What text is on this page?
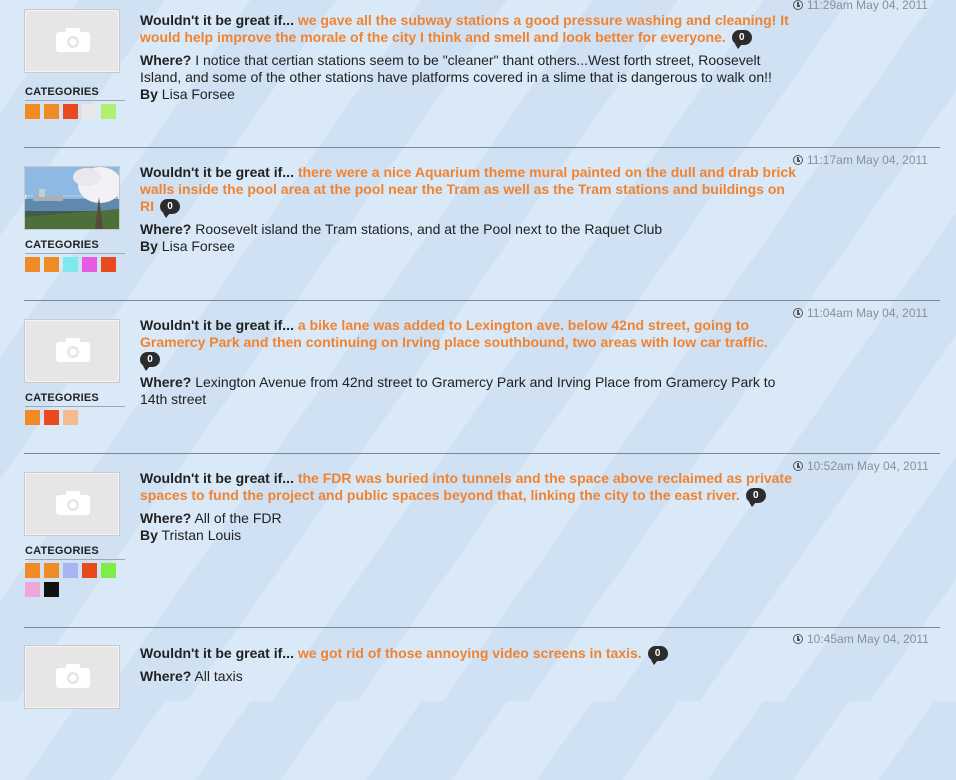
11:29am May 04, 2011
CATEGORIES
Wouldn't it be great if... we gave all the subway stations a good pressure washing and cleaning! It would help improve the morale of the city I think and smell and look better for everyone. 0
Where? I notice that certian stations seem to be "cleaner" thant others...West forth street, Roosevelt Island, and some of the other stations have platforms covered in a slime that is dangerous to walk on!!
By Lisa Forsee
11:17am May 04, 2011
CATEGORIES
Wouldn't it be great if... there were a nice Aquarium theme mural painted on the dull and drab brick walls inside the pool area at the pool near the Tram as well as the Tram stations and buildings on RI 0
Where? Roosevelt island the Tram stations, and at the Pool next to the Raquet Club
By Lisa Forsee
11:04am May 04, 2011
CATEGORIES
Wouldn't it be great if... a bike lane was added to Lexington ave. below 42nd street, going to Gramercy Park and then continuing on Irving place southbound, two areas with low car traffic.
0
Where? Lexington Avenue from 42nd street to Gramercy Park and Irving Place from Gramercy Park to 14th street
10:52am May 04, 2011
CATEGORIES
Wouldn't it be great if... the FDR was buried into tunnels and the space above reclaimed as private spaces to fund the project and public spaces beyond that, linking the city to the east river. 0
Where? All of the FDR
By Tristan Louis
10:45am May 04, 2011
Wouldn't it be great if... we got rid of those annoying video screens in taxis. 0
Where? All taxis
